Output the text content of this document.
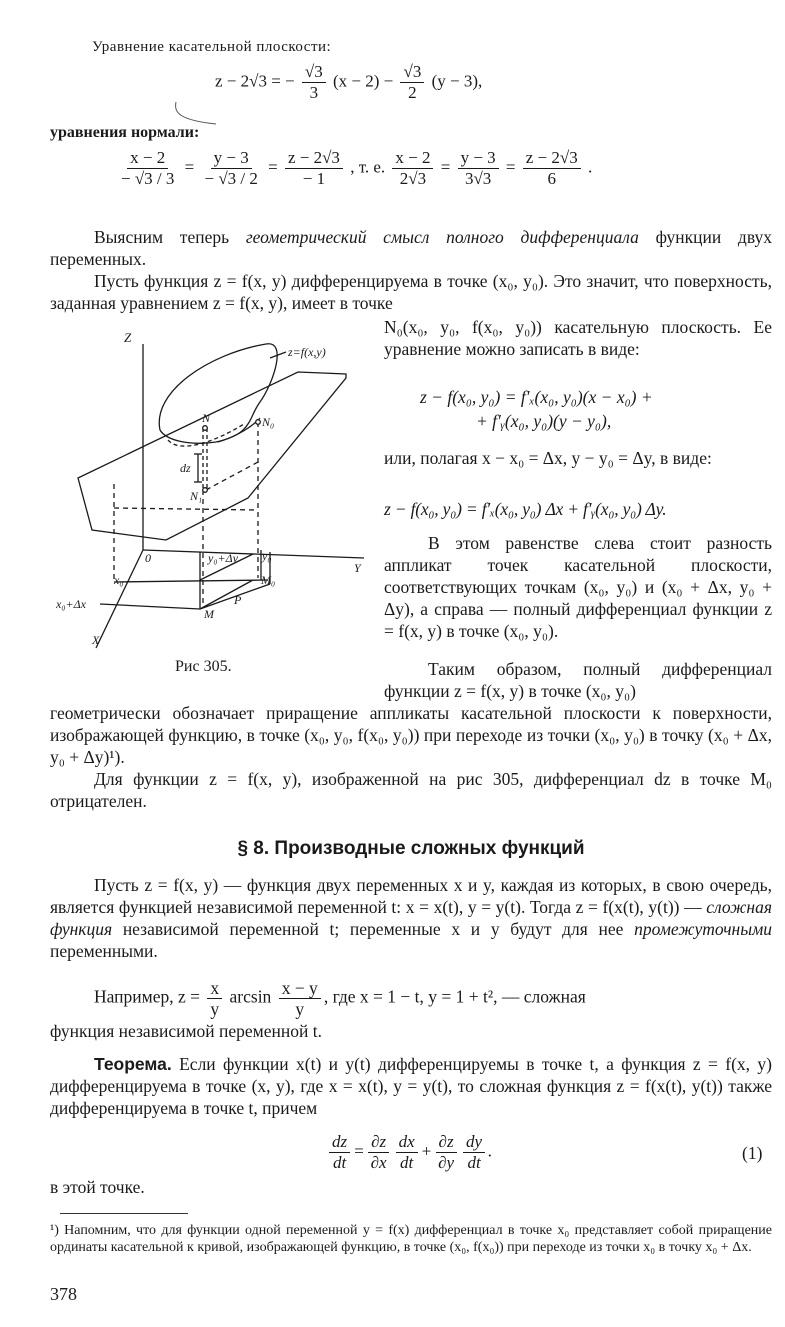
Уравнение касательной плоскости:

z − 2√3 = − $\frac{√3}{3} (x - 2) - \frac{√3}{2} (y - 3)$,

уравнения нормали:

$\frac{x - 2}{- √3 / 3} = \frac{y - 3}{- √3 / 2} = \frac{z - 2√3}{- 1}$ , т. е. $\frac{x - 2}{2√3} = \frac{y - 3}{3√3} = \frac{z - 2√3}{6}$ .

Выясним теперь геометрический смысл полного дифференциала функции двух переменных.

Пусть функция z = f(x, y) дифференцируема в точке (x₀, y₀). Это значит, что поверхность, заданная уравнением z = f(x, y), имеет в точке

N₀(x₀, y₀, f(x₀, y₀)) касательную плоскость. Ее уравнение можно записать в виде:

z − f(x₀, y₀) = f′ₓ(x₀, y₀)(x − x₀) +

+ f′ᵧ(x₀, y₀)(y − y₀),

или, полагая x − x₀ = Δx, y − y₀ = Δy, в виде:

z − f(x₀, y₀) = f′ₓ(x₀, y₀) Δx + f′ᵧ(x₀, y₀) Δy.

В этом равенстве слева стоит разность аппликат точек касательной плоскости, соответствующих точкам (x₀, y₀) и (x₀ + Δx, y₀ + Δy), а справа — полный дифференциал функции z = f(x, y) в точке (x₀, y₀).

Таким образом, полный дифференциал функции z = f(x, y) в точке (x₀, y₀)

геометрически обозначает приращение аппликаты касательной плоскости к поверхности, изображающей функцию, в точке (x₀, y₀, f(x₀, y₀)) при переходе из точки (x₀, y₀) в точку (x₀ + Δx, y₀ + Δy)¹).

Для функции z = f(x, y), изображенной на рис 305, дифференциал dz в точке M₀ отрицателен.

Z
z=f(x,y)
N	N₀
dz
N₁
0	y₀+Δy y₀
Y
x₀	M₀
x₀+Δx	P
M
X

Рис 305.

§ 8. Производные сложных функций

Пусть z = f(x, y) — функция двух переменных x и y, каждая из которых, в свою очередь, является функцией независимой переменной t: x = x(t), y = y(t). Тогда z = f(x(t), y(t)) — сложная функция независимой переменной t; переменные x и y будут для нее промежуточными переменными.

Например, $z = \frac{x}{y}$ $\arcsin \frac{x - y}{y}$ , где x = 1 − t, y = 1 + t², — сложная

функция независимой переменной t.

Теорема. Если функции x(t) и y(t) дифференцируемы в точке t, а функция z = f(x, y) дифференцируема в точке (x, y), где x = x(t), y = y(t), то сложная функция z = f(x(t), y(t)) также дифференцируема в точке t, причем

$\frac{dz}{dt} = \frac{\partial z}{\partial x} \frac{dx}{dt} + \frac{\partial z}{\partial y} \frac{dy}{dt}$ .	(1)

в этой точке.

¹) Напомним, что для функции одной переменной y = f(x) дифференциал в точке x₀ представляет собой приращение ординаты касательной к кривой, изображающей функцию, в точке (x₀, f(x₀)) при переходе из точки x₀ в точку x₀ + Δx.

378
